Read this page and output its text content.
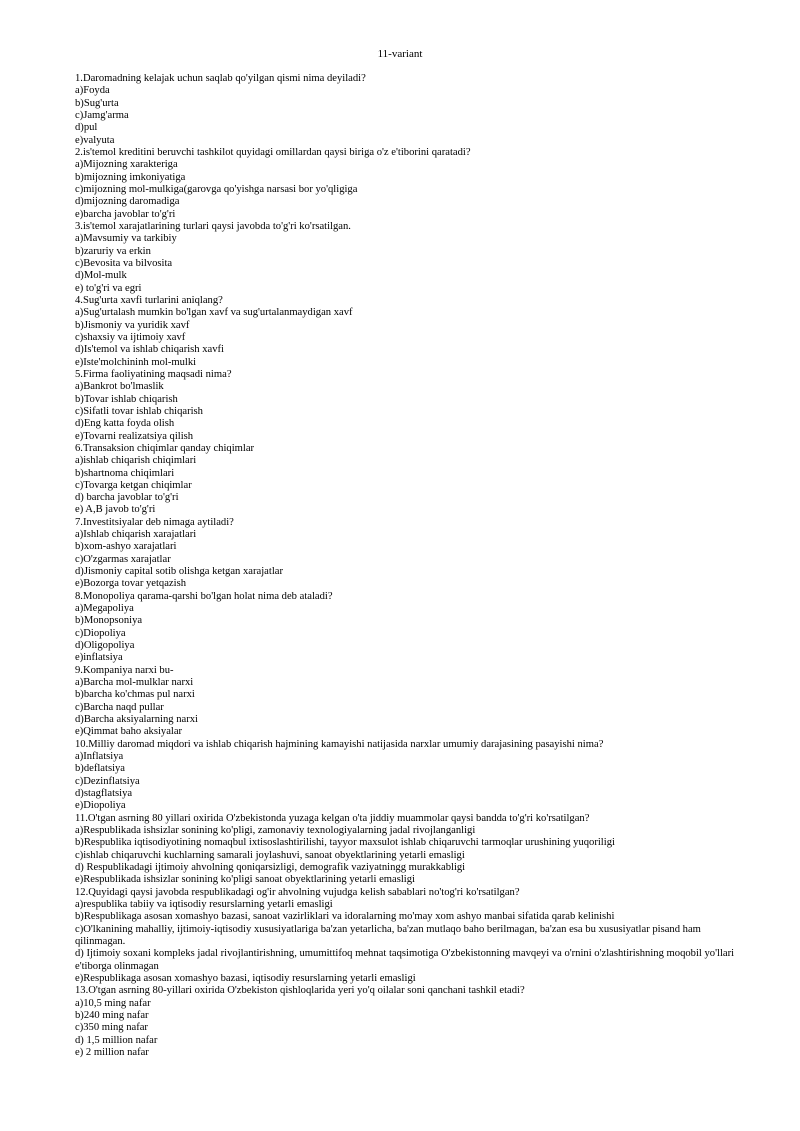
11-variant
1.Daromadning kelajak uchun saqlab qo'yilgan qismi nima deyiladi?
a)Foyda
b)Sug'urta
c)Jamg'arma
d)pul
e)valyuta
2.is'temol kreditini beruvchi tashkilot quyidagi omillardan qaysi biriga o'z e'tiborini qaratadi?
a)Mijozning xarakteriga
b)mijozning imkoniyatiga
c)mijozning mol-mulkiga(garovga qo'yishga narsasi bor yo'qligiga
d)mijozning daromadiga
e)barcha javoblar to'g'ri
3.is'temol xarajatlarining turlari qaysi javobda to'g'ri ko'rsatilgan.
a)Mavsumiy va tarkibiy
b)zaruriy va erkin
c)Bevosita va bilvosita
d)Mol-mulk
e) to'g'ri va egri
4.Sug'urta xavfi turlarini aniqlang?
a)Sug'urtalash mumkin bo'lgan xavf va sug'urtalanmaydigan xavf
b)Jismoniy va yuridik xavf
c)shaxsiy va ijtimoiy xavf
d)Is'temol va ishlab chiqarish xavfi
e)Iste'molchininh mol-mulki
5.Firma faoliyatining maqsadi nima?
a)Bankrot bo'lmaslik
b)Tovar ishlab chiqarish
c)Sifatli tovar ishlab chiqarish
d)Eng katta foyda olish
e)Tovarni realizatsiya qilish
6.Transaksion chiqimlar qanday chiqimlar
a)ishlab chiqarish chiqimlari
b)shartnoma chiqimlari
c)Tovarga ketgan chiqimlar
d) barcha javoblar to'g'ri
e) A,B javob to'g'ri
7.Investitsiyalar deb nimaga aytiladi?
a)Ishlab chiqarish xarajatlari
b)xom-ashyo xarajatlari
c)O'zgarmas xarajatlar
d)Jismoniy capital sotib olishga ketgan xarajatlar
e)Bozorga tovar yetqazish
8.Monopoliya qarama-qarshi bo'lgan holat nima deb ataladi?
a)Megapoliya
b)Monopsoniya
c)Diopoliya
d)Oligopoliya
e)inflatsiya
9.Kompaniya narxi bu-
a)Barcha mol-mulklar narxi
b)barcha ko'chmas pul narxi
c)Barcha naqd pullar
d)Barcha aksiyalarning narxi
e)Qimmat baho aksiyalar
10.Milliy daromad miqdori va ishlab chiqarish hajmining kamayishi natijasida narxlar umumiy darajasining pasayishi nima?
a)Inflatsiya
b)deflatsiya
c)Dezinflatsiya
d)stagflatsiya
e)Diopoliya
11.O'tgan asrning 80 yillari oxirida O'zbekistonda yuzaga kelgan o'ta jiddiy muammolar qaysi bandda to'g'ri ko'rsatilgan?
a)Respublikada ishsizlar sonining ko'pligi, zamonaviy texnologiyalarning jadal rivojlanganligi
b)Respublika iqtisodiyotining nomaqbul ixtisoslashtirilishi, tayyor maxsulot ishlab chiqaruvchi tarmoqlar urushining yuqoriligi
c)ishlab chiqaruvchi kuchlarning samarali joylashuvi, sanoat obyektlarining yetarli emasligi
d) Respublikadagi ijtimoiy ahvolning qoniqarsizligi, demografik vaziyatningg murakkabligi
e)Respublikada ishsizlar sonining ko'pligi sanoat obyektlarining yetarli emasligi
12.Quyidagi qaysi javobda respublikadagi og'ir ahvolning vujudga kelish sabablari no'tog'ri ko'rsatilgan?
a)respublika tabiiy va iqtisodiy resurslarning yetarli emasligi
b)Respublikaga asosan xomashyo bazasi, sanoat vazirliklari va idoralarning mo'may xom ashyo manbai sifatida qarab kelinishi
c)O'lkanining mahalliy, ijtimoiy-iqtisodiy xususiyatlariga ba'zan yetarlicha, ba'zan mutlaqo baho berilmagan, ba'zan esa bu xususiyatlar pisand ham qilinmagan.
d) Ijtimoiy soxani kompleks jadal rivojlantirishning, umumittifoq mehnat taqsimotiga O'zbekistonning mavqeyi va o'rnini o'zlashtirishning moqobil yo'llari e'tiborga olinmagan
e)Respublikaga asosan xomashyo bazasi, iqtisodiy resurslarning yetarli emasligi
13.O'tgan asrning 80-yillari oxirida O'zbekiston qishloqlarida yeri yo'q oilalar soni qanchani tashkil etadi?
a)10,5 ming nafar
b)240 ming nafar
c)350 ming nafar
d) 1,5 million nafar
e) 2 million nafar
